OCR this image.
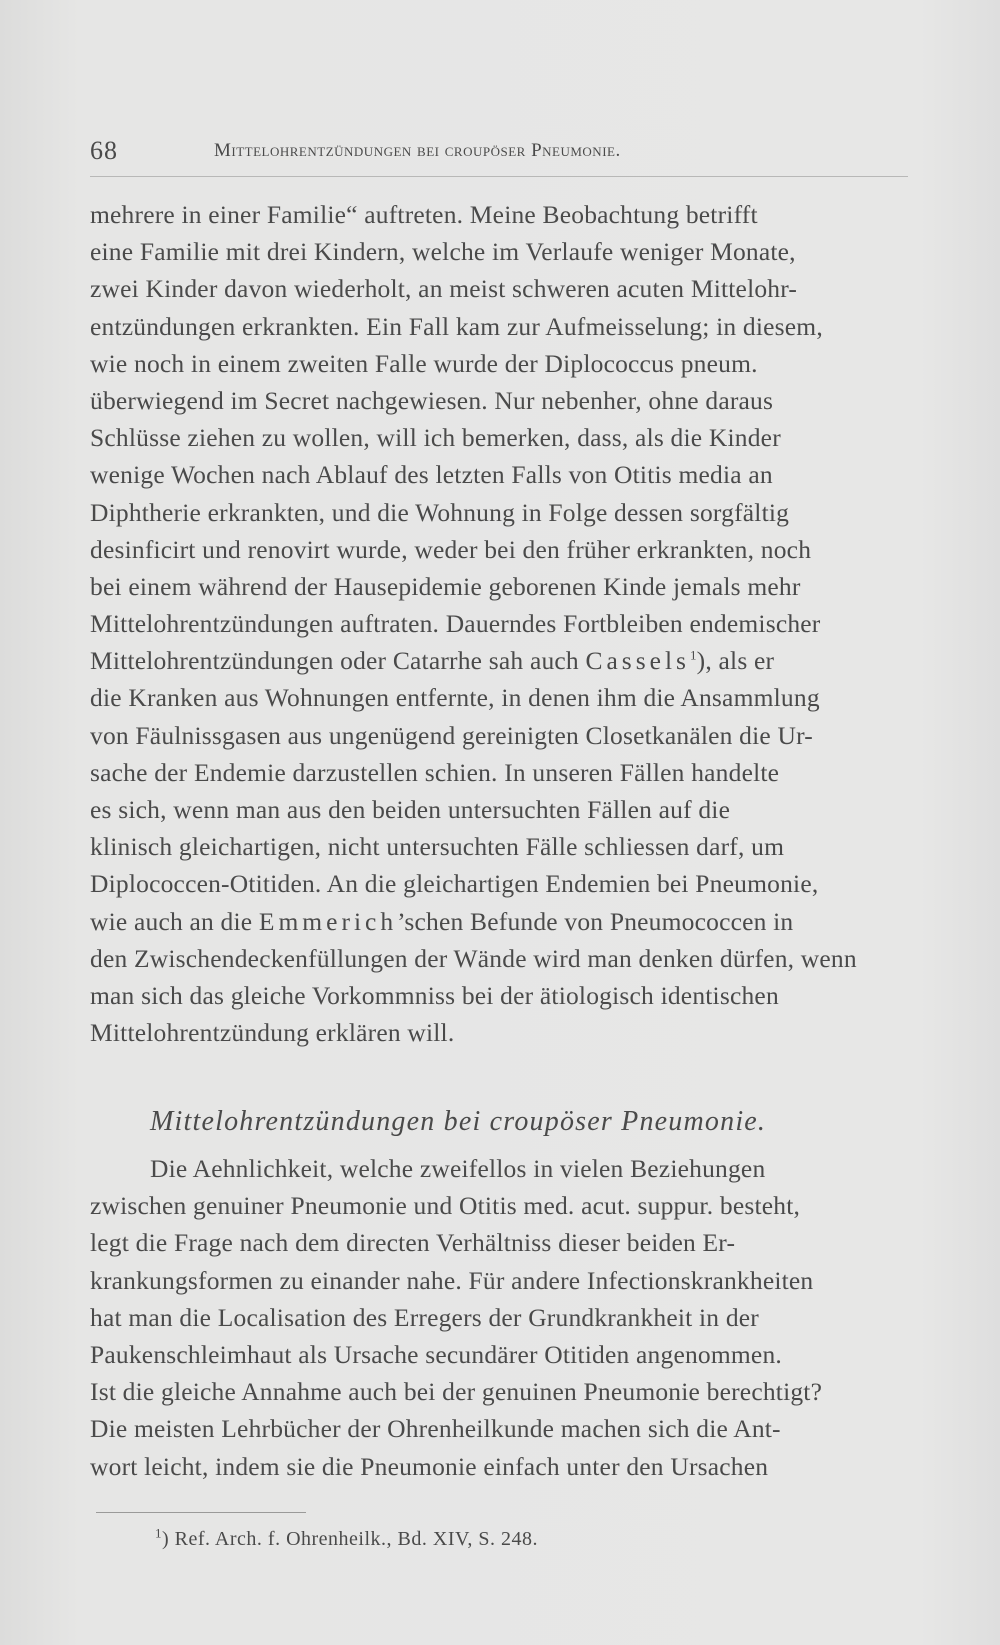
68	Mittelohrentzündungen bei croupöser Pneumonie.
mehrere in einer Familie“ auftreten. Meine Beobachtung betrifft
eine Familie mit drei Kindern, welche im Verlaufe weniger Monate,
zwei Kinder davon wiederholt, an meist schweren acuten Mittelohr-
entzündungen erkrankten. Ein Fall kam zur Aufmeisselung; in diesem,
wie noch in einem zweiten Falle wurde der Diplococcus pneum.
überwiegend im Secret nachgewiesen. Nur nebenher, ohne daraus
Schlüsse ziehen zu wollen, will ich bemerken, dass, als die Kinder
wenige Wochen nach Ablauf des letzten Falls von Otitis media an
Diphtherie erkrankten, und die Wohnung in Folge dessen sorgfältig
desinficirt und renovirt wurde, weder bei den früher erkrankten, noch
bei einem während der Hausepidemie geborenen Kinde jemals mehr
Mittelohrentzündungen auftraten. Dauerndes Fortbleiben endemischer
Mittelohrentzündungen oder Catarrhe sah auch Cassels$^1$), als er
die Kranken aus Wohnungen entfernte, in denen ihm die Ansammlung
von Fäulnissgasen aus ungenügend gereinigten Closetkanälen die Ur-
sache der Endemie darzustellen schien. In unseren Fällen handelte
es sich, wenn man aus den beiden untersuchten Fällen auf die
klinisch gleichartigen, nicht untersuchten Fälle schliessen darf, um
Diplococcen-Otitiden. An die gleichartigen Endemien bei Pneumonie,
wie auch an die Emmerich’schen Befunde von Pneumococcen in
den Zwischendeckenfüllungen der Wände wird man denken dürfen, wenn
man sich das gleiche Vorkommniss bei der ätiologisch identischen
Mittelohrentzündung erklären will.
Mittelohrentzündungen bei croupöser Pneumonie.
Die Aehnlichkeit, welche zweifellos in vielen Beziehungen
zwischen genuiner Pneumonie und Otitis med. acut. suppur. besteht,
legt die Frage nach dem directen Verhältniss dieser beiden Er-
krankungsformen zu einander nahe. Für andere Infectionskrankheiten
hat man die Localisation des Erregers der Grundkrankheit in der
Paukenschleimhaut als Ursache secundärer Otitiden angenommen.
Ist die gleiche Annahme auch bei der genuinen Pneumonie berechtigt?
Die meisten Lehrbücher der Ohrenheilkunde machen sich die Ant-
wort leicht, indem sie die Pneumonie einfach unter den Ursachen
$^1$) Ref. Arch. f. Ohrenheilk., Bd. XIV, S. 248.
